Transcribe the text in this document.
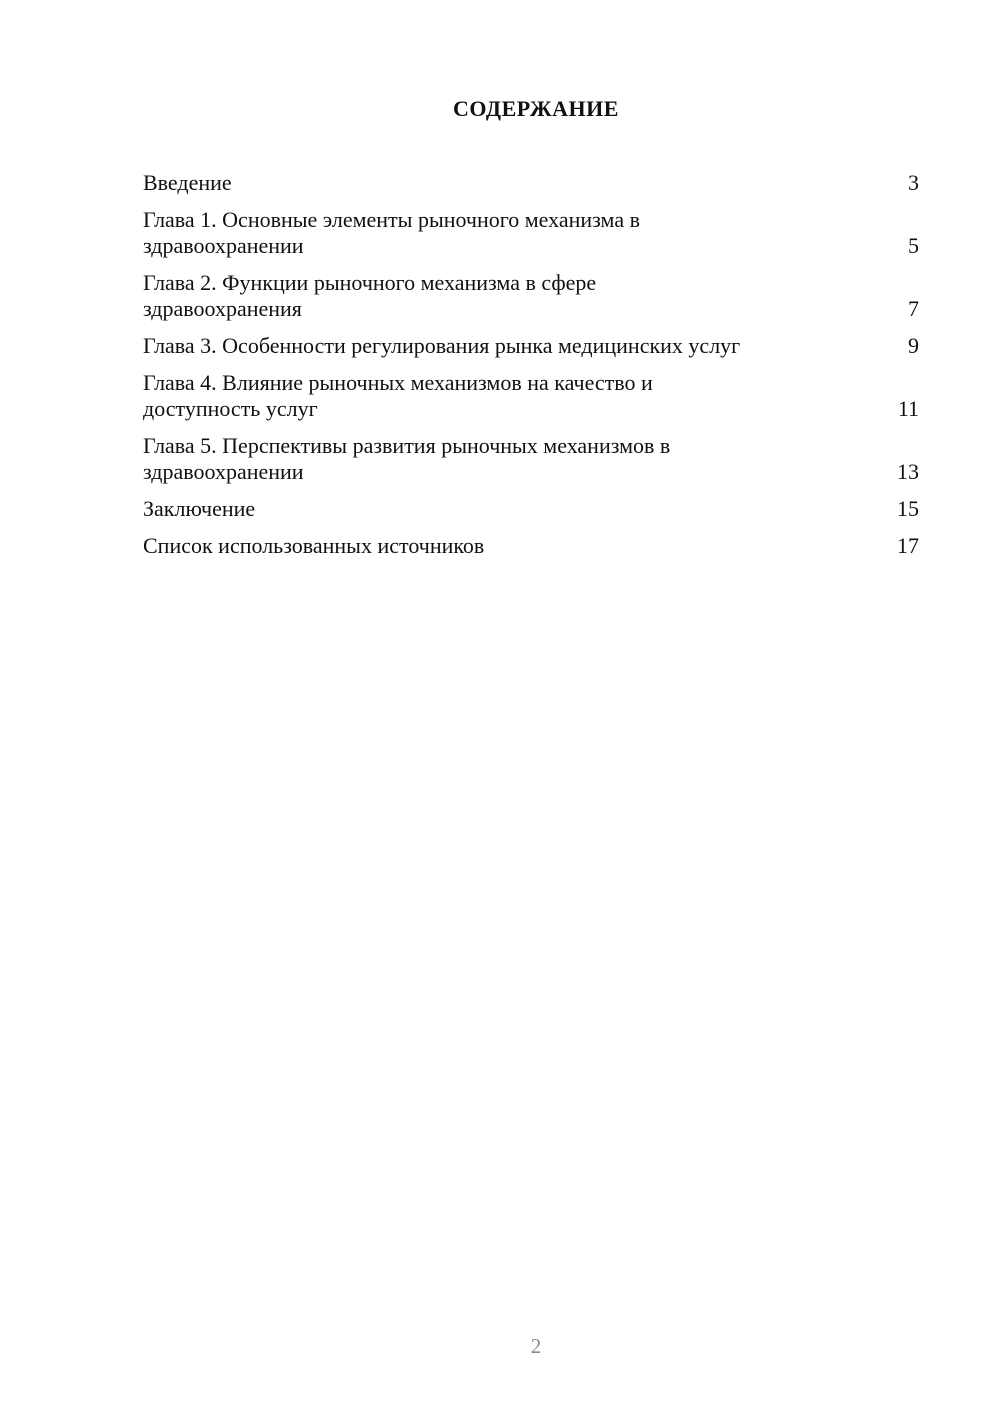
СОДЕРЖАНИЕ
Введение	3
Глава 1. Основные элементы рыночного механизма в
здравоохранении	5
Глава 2. Функции рыночного механизма в сфере
здравоохранения	7
Глава 3. Особенности регулирования рынка медицинских услуг	9
Глава 4. Влияние рыночных механизмов на качество и
доступность услуг	11
Глава 5. Перспективы развития рыночных механизмов в
здравоохранении	13
Заключение	15
Список использованных источников	17
2
